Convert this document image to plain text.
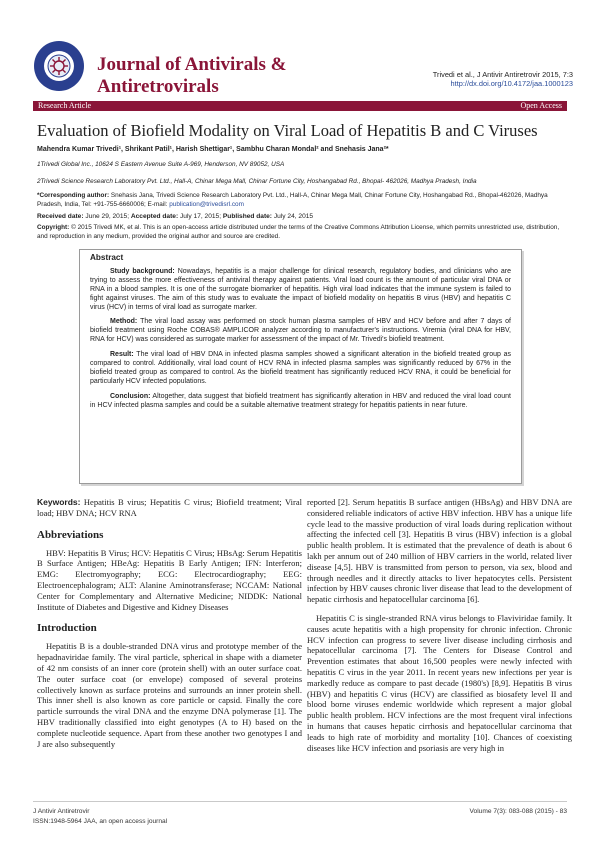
Journal of Antivirals &
Antiretrovirals
Trivedi et al., J Antivir Antiretrovir 2015, 7:3
http://dx.doi.org/10.4172/jaa.1000123
Research Article	Open Access
Evaluation of Biofield Modality on Viral Load of Hepatitis B and C Viruses
Mahendra Kumar Trivedi¹, Shrikant Patil¹, Harish Shettigar¹, Sambhu Charan Mondal² and Snehasis Jana²*
1Trivedi Global Inc., 10624 S Eastern Avenue Suite A-969, Henderson, NV 89052, USA
2Trivedi Science Research Laboratory Pvt. Ltd., Hall-A, Chinar Mega Mall, Chinar Fortune City, Hoshangabad Rd., Bhopal- 462026, Madhya Pradesh, India
*Corresponding author: Snehasis Jana, Trivedi Science Research Laboratory Pvt. Ltd., Hall-A, Chinar Mega Mall, Chinar Fortune City, Hoshangabad Rd., Bhopal-462026, Madhya Pradesh, India, Tel: +91-755-6660006; E-mail: publication@trivedisrl.com
Received date: June 29, 2015; Accepted date: July 17, 2015; Published date: July 24, 2015
Copyright: © 2015 Trivedi MK, et al. This is an open-access article distributed under the terms of the Creative Commons Attribution License, which permits unrestricted use, distribution, and reproduction in any medium, provided the original author and source are credited.
Abstract

Study background: Nowadays, hepatitis is a major challenge for clinical research, regulatory bodies, and clinicians who are trying to assess the more effectiveness of antiviral therapy against patients. Viral load count is the amount of particular viral DNA or RNA in a blood samples. It is one of the surrogate biomarker of hepatitis. High viral load indicates that the immune system is failed to fight against viruses. The aim of this study was to evaluate the impact of biofield modality on hepatitis B virus (HBV) and hepatitis C virus (HCV) in terms of viral load as surrogate marker.

Method: The viral load assay was performed on stock human plasma samples of HBV and HCV before and after 7 days of biofield treatment using Roche COBAS® AMPLICOR analyzer according to manufacturer's instructions. Viremia (viral DNA for HBV, RNA for HCV) was considered as surrogate marker for assessment of the impact of Mr. Trivedi's biofield treatment.

Result: The viral load of HBV DNA in infected plasma samples showed a significant alteration in the biofield treated group as compared to control. Additionally, viral load count of HCV RNA in infected plasma samples was significantly reduced by 67% in the biofield treated group as compared to control. As the biofield treatment has significantly reduced HCV RNA, it could be beneficial for particularly HCV infected populations.

Conclusion: Altogether, data suggest that biofield treatment has significantly alteration in HBV and reduced the viral load count in HCV infected plasma samples and could be a suitable alternative treatment strategy for hepatitis patients in near future.

Keywords: Hepatitis B virus; Hepatitis C virus; Biofield treatment; Viral load; HBV DNA; HCV RNA

Abbreviations

HBV: Hepatitis B Virus; HCV: Hepatitis C Virus; HBsAg: Serum Hepatitis B Surface Antigen; HBeAg: Hepatitis B Early Antigen; IFN: Interferon; EMG: Electromyography; ECG: Electrocardiography; EEG: Electroencephalogram; ALT: Alanine Aminotransferase; NCCAM: National Center for Complementary and Alternative Medicine; NIDDK: National Institute of Diabetes and Digestive and Kidney Diseases

Introduction

Hepatitis B is a double-stranded DNA virus and prototype member of the hepadnaviridae family. The viral particle, spherical in shape with a diameter of 42 nm consists of an inner core (protein shell) with an outer surface coat. The outer surface coat (or envelope) composed of several proteins collectively known as surface proteins and surrounds an inner protein shell. This inner shell is also known as core particle or capsid. Finally the core particle surrounds the viral DNA and the enzyme DNA polymerase [1]. The HBV traditionally classified into eight genotypes (A to H) based on the complete nucleotide sequence. Apart from these another two genotypes I and J are also subsequently

reported [2]. Serum hepatitis B surface antigen (HBsAg) and HBV DNA are considered reliable indicators of active HBV infection. HBV has a unique life cycle lead to the massive production of viral loads during replication without affecting the infected cell [3]. Hepatitis B virus (HBV) infection is a global public health problem. It is estimated that the prevalence of death is about 6 lakh per annum out of 240 million of HBV carriers in the world, related liver disease [4,5]. HBV is transmitted from person to person, via sex, blood and through needles and it directly attacks to liver hepatocytes cells. Persistent infection by HBV causes chronic liver disease that lead to the development of hepatic cirrhosis and hepatocellular carcinoma [6].

Hepatitis C is single-stranded RNA virus belongs to Flaviviridae family. It causes acute hepatitis with a high propensity for chronic infection. Chronic HCV infection can progress to severe liver disease including cirrhosis and hepatocellular carcinoma [7]. The Centers for Disease Control and Prevention estimates that about 16,500 peoples were newly infected with hepatitis C virus in the year 2011. In recent years new infections per year is markedly reduce as compare to past decade (1980's) [8,9]. Hepatitis B virus (HBV) and hepatitis C virus (HCV) are classified as biosafety level II and blood borne viruses endemic worldwide which represent a major global public health problem. HCV infections are the most frequent viral infections in humans that causes hepatic cirrhosis and hepatocellular carcinoma that leads to high rate of morbidity and mortality [10]. Chances of coexisting diseases like HCV infection and psoriasis are very high in

J Antivir Antiretrovir
ISSN:1948-5964 JAA, an open access journal
Volume 7(3): 083-088 (2015) - 83
